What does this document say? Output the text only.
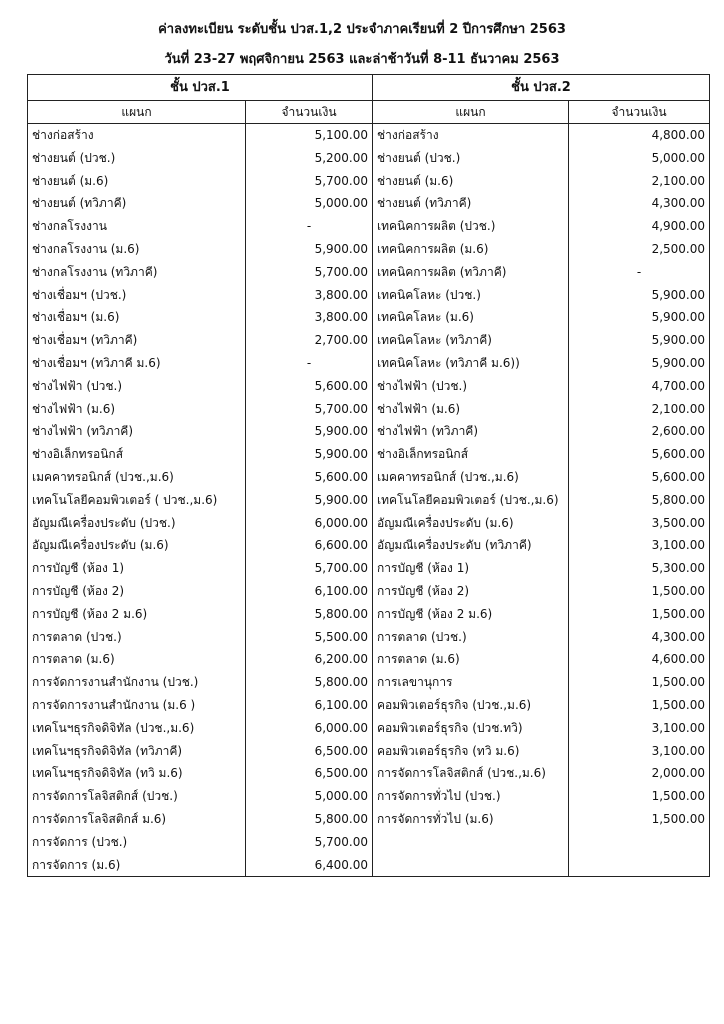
ค่าลงทะเบียน ระดับชั้น ปวส.1,2 ประจำภาคเรียนที่ 2 ปีการศึกษา 2563
วันที่ 23-27 พฤศจิกายน 2563 และล่าช้าวันที่ 8-11 ธันวาคม 2563
ชั้น ปวส.1		ชั้น ปวส.2	
แผนก	จำนวนเงิน	แผนก	จำนวนเงิน
ช่างก่อสร้าง	5,100.00	ช่างก่อสร้าง	4,800.00
ช่างยนต์ (ปวช.)	5,200.00	ช่างยนต์ (ปวช.)	5,000.00
ช่างยนต์ (ม.6)	5,700.00	ช่างยนต์ (ม.6)	2,100.00
ช่างยนต์ (ทวิภาคี)	5,000.00	ช่างยนต์ (ทวิภาคี)	4,300.00
ช่างกลโรงงาน	-	เทคนิคการผลิต (ปวช.)	4,900.00
ช่างกลโรงงาน (ม.6)	5,900.00	เทคนิคการผลิต (ม.6)	2,500.00
ช่างกลโรงงาน (ทวิภาคี)	5,700.00	เทคนิคการผลิต (ทวิภาคี)	-
ช่างเชื่อมฯ (ปวช.)	3,800.00	เทคนิคโลหะ (ปวช.)	5,900.00
ช่างเชื่อมฯ (ม.6)	3,800.00	เทคนิคโลหะ (ม.6)	5,900.00
ช่างเชื่อมฯ (ทวิภาคี)	2,700.00	เทคนิคโลหะ (ทวิภาคี)	5,900.00
ช่างเชื่อมฯ (ทวิภาคี ม.6)	-	เทคนิคโลหะ (ทวิภาคี ม.6))	5,900.00
ช่างไฟฟ้า (ปวช.)	5,600.00	ช่างไฟฟ้า (ปวช.)	4,700.00
ช่างไฟฟ้า (ม.6)	5,700.00	ช่างไฟฟ้า (ม.6)	2,100.00
ช่างไฟฟ้า (ทวิภาคี)	5,900.00	ช่างไฟฟ้า (ทวิภาคี)	2,600.00
ช่างอิเล็กทรอนิกส์	5,900.00	ช่างอิเล็กทรอนิกส์	5,600.00
เมคคาทรอนิกส์ (ปวช.,ม.6)	5,600.00	เมคคาทรอนิกส์ (ปวช.,ม.6)	5,600.00
เทคโนโลยีคอมพิวเตอร์ ( ปวช.,ม.6)	5,900.00	เทคโนโลยีคอมพิวเตอร์ (ปวช.,ม.6)	5,800.00
อัญมณีเครื่องประดับ (ปวช.)	6,000.00	อัญมณีเครื่องประดับ (ม.6)	3,500.00
อัญมณีเครื่องประดับ (ม.6)	6,600.00	อัญมณีเครื่องประดับ (ทวิภาคี)	3,100.00
การบัญชี (ห้อง 1)	5,700.00	การบัญชี (ห้อง 1)	5,300.00
การบัญชี (ห้อง 2)	6,100.00	การบัญชี (ห้อง 2)	1,500.00
การบัญชี (ห้อง 2 ม.6)	5,800.00	การบัญชี (ห้อง 2 ม.6)	1,500.00
การตลาด (ปวช.)	5,500.00	การตลาด (ปวช.)	4,300.00
การตลาด (ม.6)	6,200.00	การตลาด (ม.6)	4,600.00
การจัดการงานสำนักงาน (ปวช.)	5,800.00	การเลขานุการ	1,500.00
การจัดการงานสำนักงาน (ม.6 )	6,100.00	คอมพิวเตอร์ธุรกิจ (ปวช.,ม.6)	1,500.00
เทคโนฯธุรกิจดิจิทัล (ปวช.,ม.6)	6,000.00	คอมพิวเตอร์ธุรกิจ (ปวช.ทวิ)	3,100.00
เทคโนฯธุรกิจดิจิทัล (ทวิภาคี)	6,500.00	คอมพิวเตอร์ธุรกิจ (ทวิ ม.6)	3,100.00
เทคโนฯธุรกิจดิจิทัล (ทวิ ม.6)	6,500.00	การจัดการโลจิสติกส์ (ปวช.,ม.6)	2,000.00
การจัดการโลจิสติกส์ (ปวช.)	5,000.00	การจัดการทั่วไป (ปวช.)	1,500.00
การจัดการโลจิสติกส์ ม.6)	5,800.00	การจัดการทั่วไป (ม.6)	1,500.00
การจัดการ (ปวช.)	5,700.00		
การจัดการ (ม.6)	6,400.00		
